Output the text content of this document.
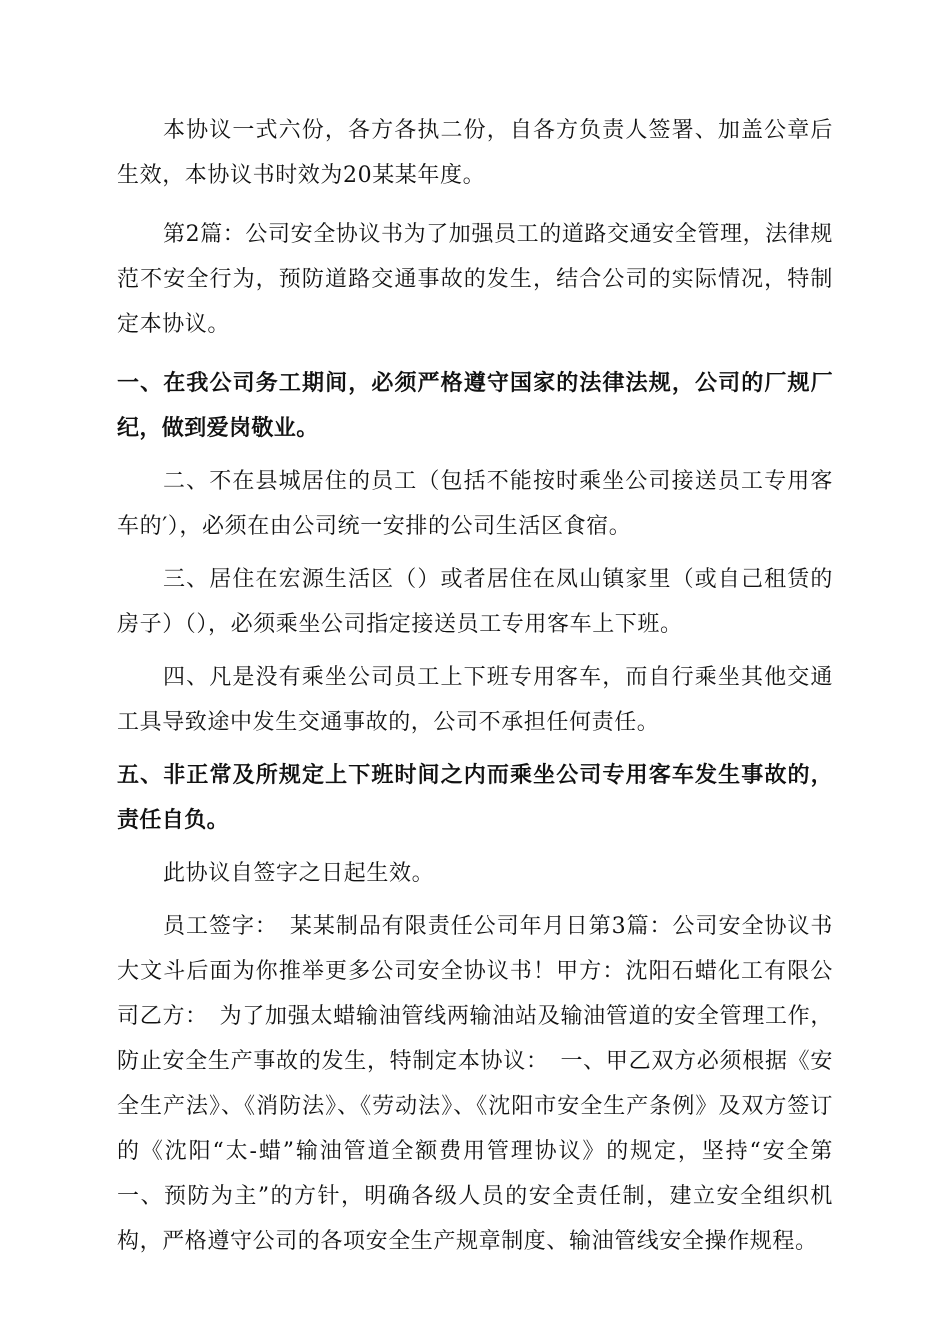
本协议一式六份，各方各执二份，自各方负责人签署、加盖公章后生效，本协议书时效为20某某年度。

第2篇：公司安全协议书为了加强员工的道路交通安全管理，法律规范不安全行为，预防道路交通事故的发生，结合公司的实际情况，特制定本协议。

一、在我公司务工期间，必须严格遵守国家的法律法规，公司的厂规厂纪，做到爱岗敬业。

二、不在县城居住的员工（包括不能按时乘坐公司接送员工专用客车的′），必须在由公司统一安排的公司生活区食宿。

三、居住在宏源生活区（）或者居住在凤山镇家里（或自己租赁的房子）（），必须乘坐公司指定接送员工专用客车上下班。

四、凡是没有乘坐公司员工上下班专用客车，而自行乘坐其他交通工具导致途中发生交通事故的，公司不承担任何责任。

五、非正常及所规定上下班时间之内而乘坐公司专用客车发生事故的，责任自负。

此协议自签字之日起生效。

员工签字：　某某制品有限责任公司年月日第3篇：公司安全协议书大文斗后面为你推举更多公司安全协议书！甲方：沈阳石蜡化工有限公司乙方：　为了加强太蜡输油管线两输油站及输油管道的安全管理工作，防止安全生产事故的发生，特制定本协议：　一、甲乙双方必须根据《安全生产法》、《消防法》、《劳动法》、《沈阳市安全生产条例》及双方签订的《沈阳“太-蜡”输油管道全额费用管理协议》的规定，坚持“安全第一、预防为主”的方针，明确各级人员的安全责任制，建立安全组织机构，严格遵守公司的各项安全生产规章制度、输油管线安全操作规程。
